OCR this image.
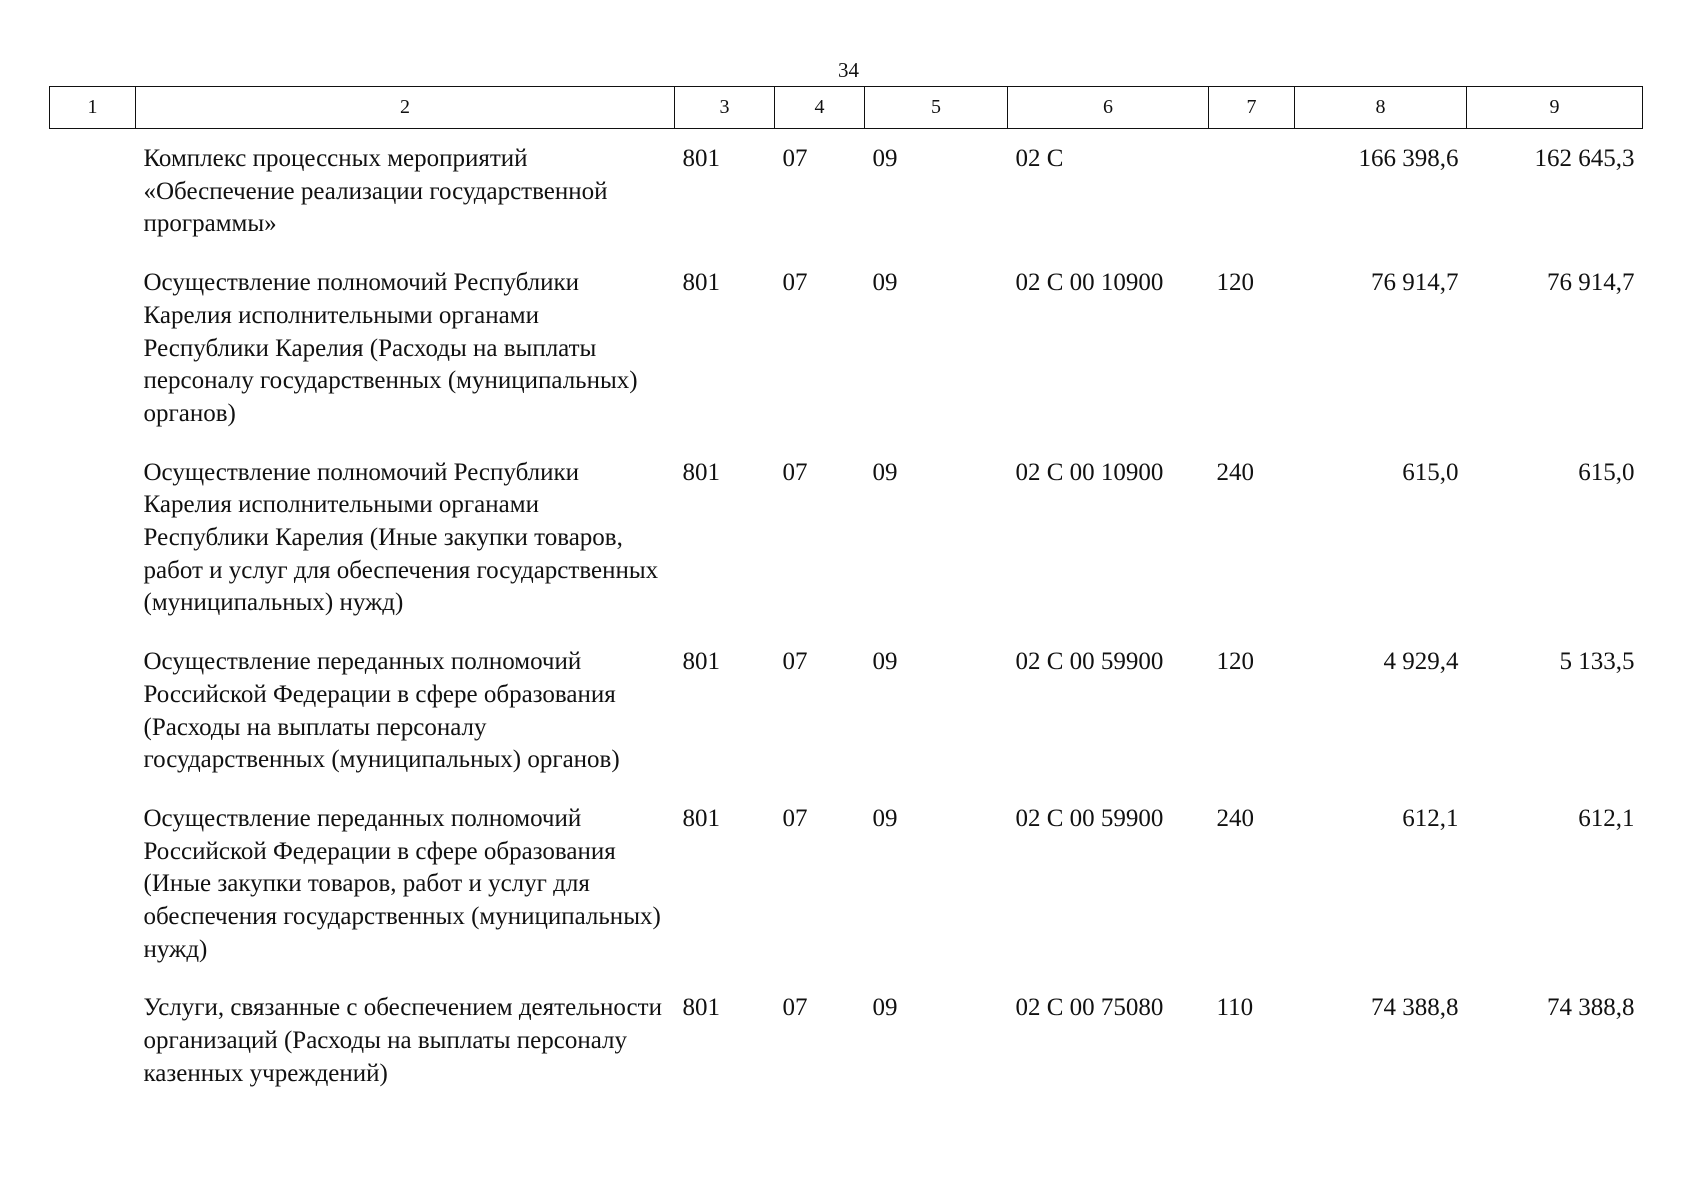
34
1	2	3	4	5	6	7	8	9
	Комплекс процессных мероприятий «Обеспечение реализации государственной программы»	801	07	09	02 С		166 398,6	162 645,3
	Осуществление полномочий Республики Карелия исполнительными органами Республики Карелия (Расходы на выплаты персоналу государственных (муниципальных) органов)	801	07	09	02 С 00 10900	120	76 914,7	76 914,7
	Осуществление полномочий Республики Карелия исполнительными органами Республики Карелия (Иные закупки товаров, работ и услуг для обеспечения государственных (муниципальных) нужд)	801	07	09	02 С 00 10900	240	615,0	615,0
	Осуществление переданных полномочий Российской Федерации в сфере образования (Расходы на выплаты персоналу государственных (муниципальных) органов)	801	07	09	02 С 00 59900	120	4 929,4	5 133,5
	Осуществление переданных полномочий Российской Федерации в сфере образования (Иные закупки товаров, работ и услуг для обеспечения государственных (муниципальных) нужд)	801	07	09	02 С 00 59900	240	612,1	612,1
	Услуги, связанные с обеспечением деятельности организаций (Расходы на выплаты персоналу казенных учреждений)	801	07	09	02 С 00 75080	110	74 388,8	74 388,8
